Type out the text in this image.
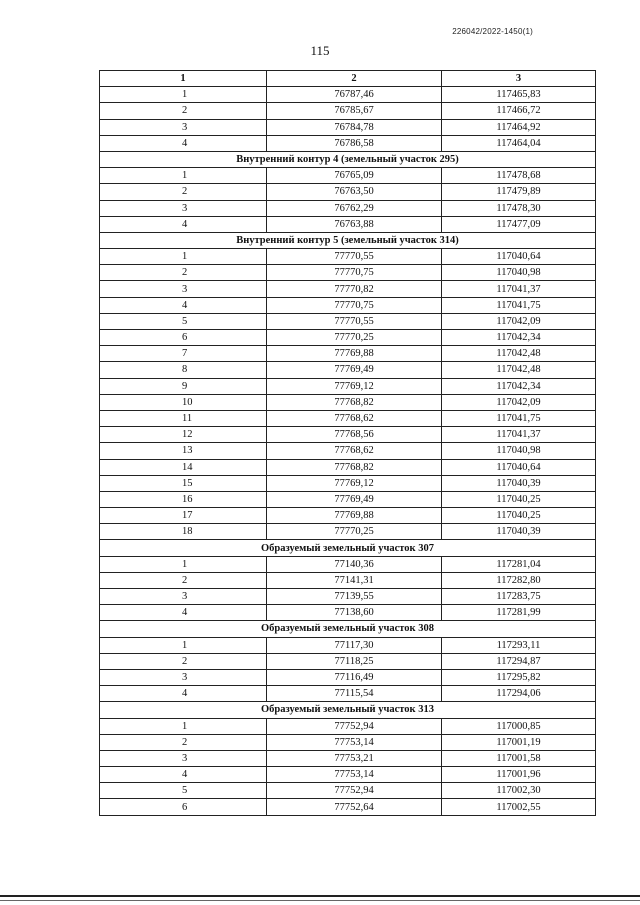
226042/2022-1450(1)
115
1	2	3
1	76787,46	117465,83
2	76785,67	117466,72
3	76784,78	117464,92
4	76786,58	117464,04
Внутренний контур 4 (земельный участок 295)		
1	76765,09	117478,68
2	76763,50	117479,89
3	76762,29	117478,30
4	76763,88	117477,09
Внутренний контур 5 (земельный участок 314)		
1	77770,55	117040,64
2	77770,75	117040,98
3	77770,82	117041,37
4	77770,75	117041,75
5	77770,55	117042,09
6	77770,25	117042,34
7	77769,88	117042,48
8	77769,49	117042,48
9	77769,12	117042,34
10	77768,82	117042,09
11	77768,62	117041,75
12	77768,56	117041,37
13	77768,62	117040,98
14	77768,82	117040,64
15	77769,12	117040,39
16	77769,49	117040,25
17	77769,88	117040,25
18	77770,25	117040,39
Образуемый земельный участок 307		
1	77140,36	117281,04
2	77141,31	117282,80
3	77139,55	117283,75
4	77138,60	117281,99
Образуемый земельный участок 308		
1	77117,30	117293,11
2	77118,25	117294,87
3	77116,49	117295,82
4	77115,54	117294,06
Образуемый земельный участок 313		
1	77752,94	117000,85
2	77753,14	117001,19
3	77753,21	117001,58
4	77753,14	117001,96
5	77752,94	117002,30
6	77752,64	117002,55
